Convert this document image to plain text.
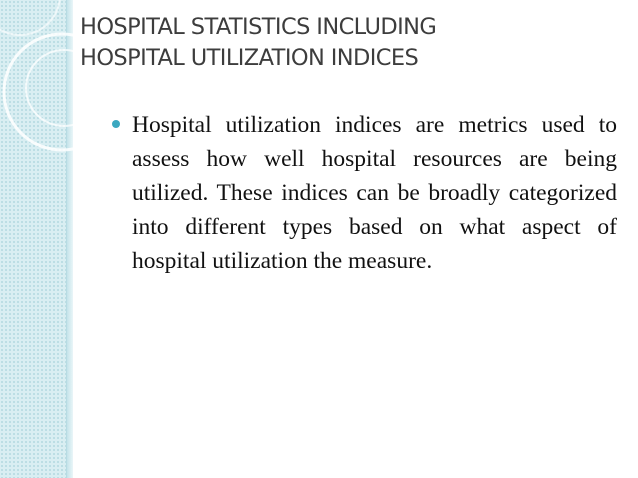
HOSPITAL STATISTICS INCLUDING
HOSPITAL UTILIZATION INDICES
Hospital utilization indices are metrics used to assess how well hospital resources are being utilized. These indices can be broadly categorized into different types based on what aspect of hospital utilization the measure.
